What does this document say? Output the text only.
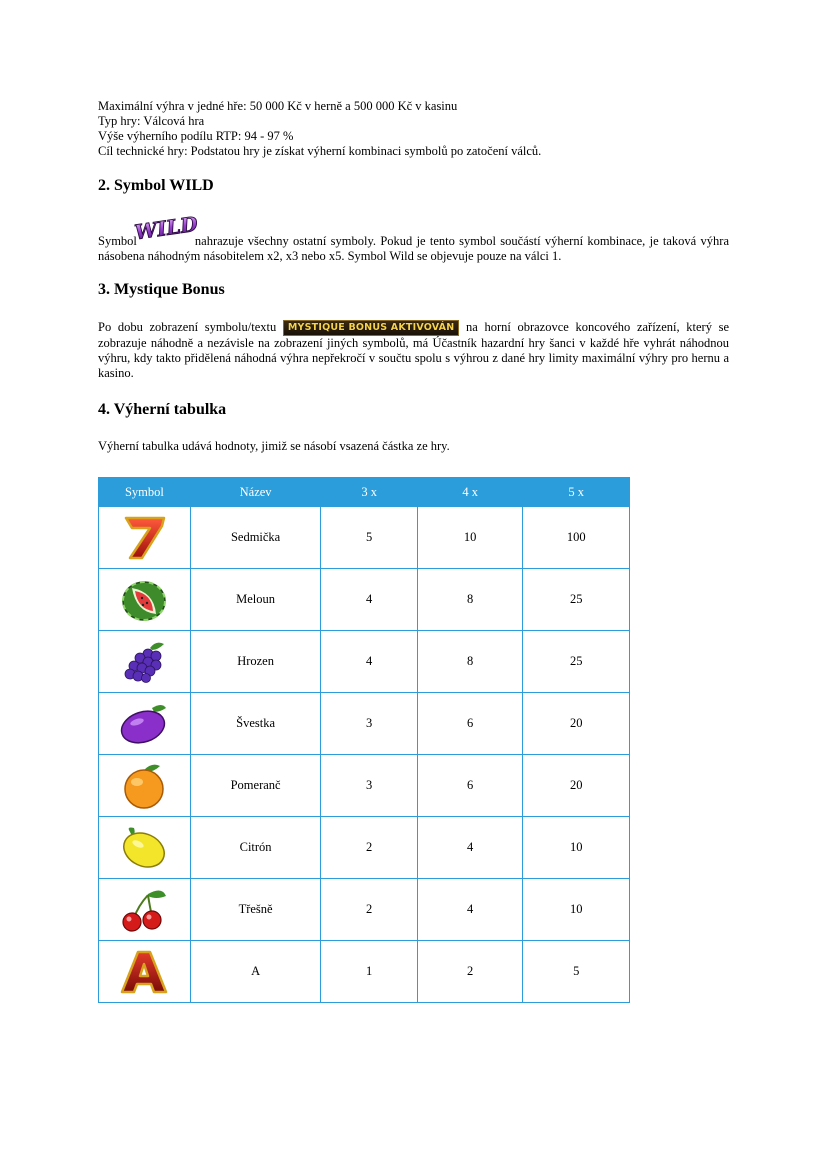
Maximální výhra v jedné hře: 50 000 Kč v herně a 500 000 Kč v kasinu

Typ hry: Válcová hra

Výše výherního podílu RTP: 94 - 97 %

Cíl technické hry: Podstatou hry je získat výherní kombinaci symbolů po zatočení válců.

2. Symbol WILD

Symbol
WILD
nahrazuje všechny ostatní symboly. Pokud je tento symbol součástí výherní kombinace, je taková výhra násobena náhodným násobitelem x2, x3 nebo x5. Symbol Wild se objevuje pouze na válci 1.

3. Mystique Bonus

Po dobu zobrazení symbolu/textu MYSTIQUE BONUS AKTIVOVÁN na horní obrazovce koncového zařízení, který se zobrazuje náhodně a nezávisle na zobrazení jiných symbolů, má Účastník hazardní hry šanci v každé hře vyhrát náhodnou výhru, kdy takto přidělená náhodná výhra nepřekročí v součtu spolu s výhrou z dané hry limity maximální výhry pro hernu a kasino.

4. Výherní tabulka

Výherní tabulka udává hodnoty, jimiž se násobí vsazená částka ze hry.

Symbol	Název	3 x	4 x	5 x

	Sedmička	5	10	100

	Meloun	4	8	25

	Hrozen	4	8	25

	Švestka	3	6	20

	Pomeranč	3	6	20

	Citrón	2	4	10

	Třešně	2	4	10

	A	1	2	5
